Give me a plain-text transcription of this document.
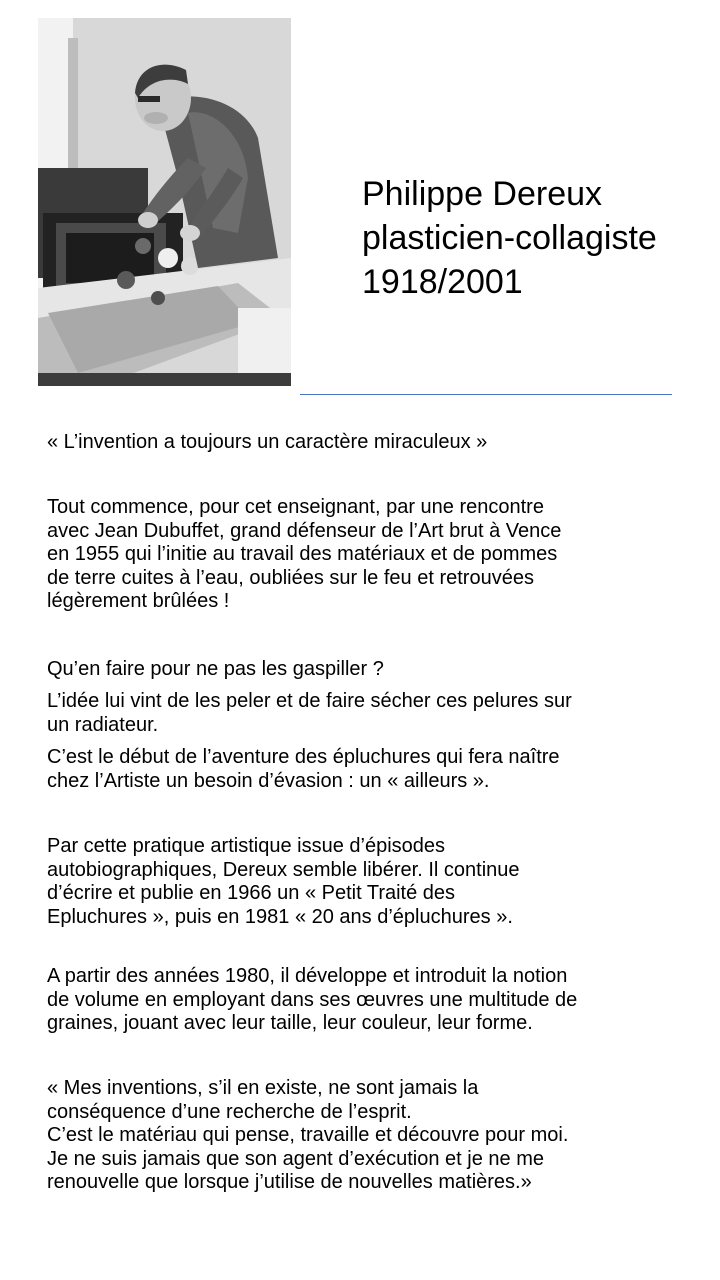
Philippe Dereux
plasticien-collagiste
1918/2001
« L’invention a toujours un caractère miraculeux »
Tout commence, pour cet enseignant, par une rencontre
avec Jean Dubuffet, grand défenseur de l’Art brut à Vence
en 1955 qui l’initie au travail des matériaux et de pommes
de terre cuites à l’eau, oubliées sur le feu et retrouvées
légèrement brûlées !
Qu’en faire pour ne pas les gaspiller ?
L’idée lui vint de les peler et de faire sécher ces pelures sur
un radiateur.
C’est le début de l’aventure des épluchures qui fera naître
chez l’Artiste un besoin d’évasion : un « ailleurs ».
Par cette pratique artistique issue d’épisodes
autobiographiques, Dereux semble libérer. Il continue
d’écrire et publie en 1966 un « Petit Traité des
Epluchures », puis en 1981 « 20 ans d’épluchures ».
A partir des années 1980, il développe et introduit la notion
de volume en employant dans ses œuvres une multitude de
graines, jouant avec leur taille, leur couleur, leur forme.
« Mes inventions, s’il en existe, ne sont jamais la
conséquence d’une recherche de l’esprit.
C’est le matériau qui pense, travaille et découvre pour moi.
Je ne suis jamais que son agent d’exécution et je ne me
renouvelle que lorsque j’utilise de nouvelles matières.»
